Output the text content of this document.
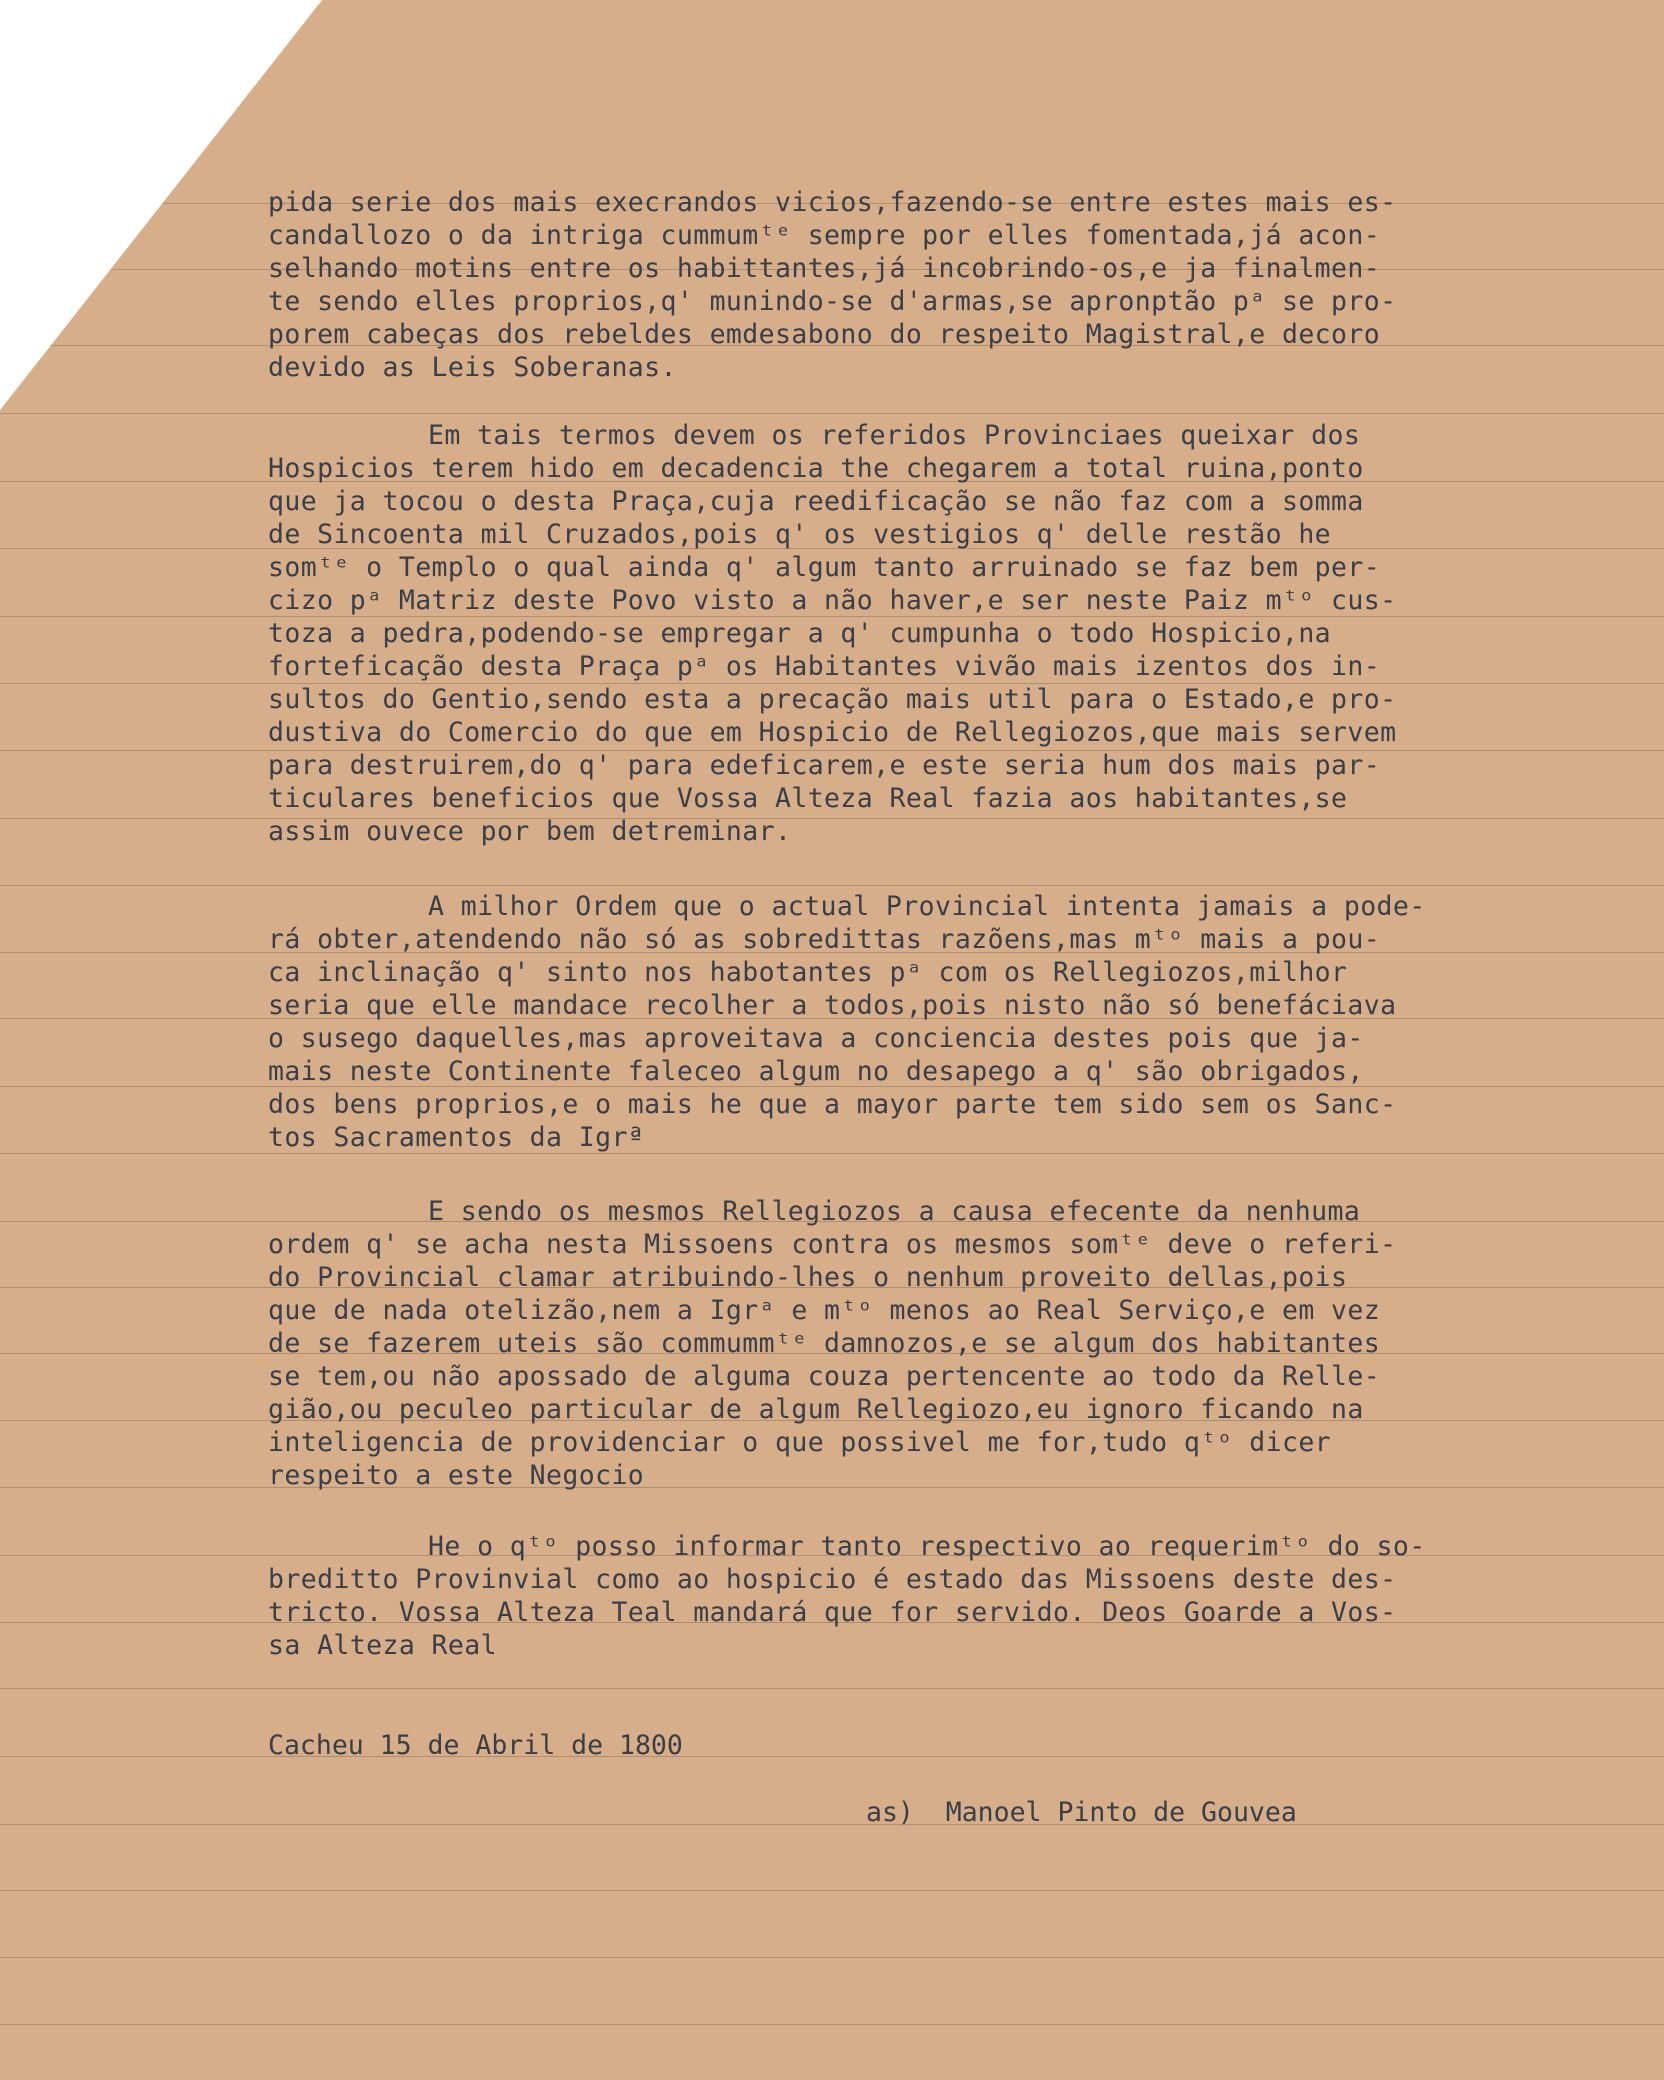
pida serie dos mais execrandos vicios,fazendo-se entre estes mais es-
candallozo o da intriga cummumᵗᵉ sempre por elles fomentada,já acon-
selhando motins entre os habittantes,já incobrindo-os,e ja finalmen-
te sendo elles proprios,q' munindo-se d'armas,se apronptão pᵃ se pro-
porem cabeças dos rebeldes emdesabono do respeito Magistral,e decoro
devido as Leis Soberanas.
Em tais termos devem os referidos Provinciaes queixar dos
Hospicios terem hido em decadencia the chegarem a total ruina,ponto
que ja tocou o desta Praça,cuja reedificação se não faz com a somma
de Sincoenta mil Cruzados,pois q' os vestigios q' delle restão he
somᵗᵉ o Templo o qual ainda q' algum tanto arruinado se faz bem per-
cizo pᵃ Matriz deste Povo visto a não haver,e ser neste Paiz mᵗᵒ cus-
toza a pedra,podendo-se empregar a q' cumpunha o todo Hospicio,na
forteficação desta Praça pᵃ os Habitantes vivão mais izentos dos in-
sultos do Gentio,sendo esta a precação mais util para o Estado,e pro-
dustiva do Comercio do que em Hospicio de Rellegiozos,que mais servem
para destruirem,do q' para edeficarem,e este seria hum dos mais par-
ticulares beneficios que Vossa Alteza Real fazia aos habitantes,se
assim ouvece por bem detreminar.
A milhor Ordem que o actual Provincial intenta jamais a pode-
rá obter,atendendo não só as sobredittas razõens,mas mᵗᵒ mais a pou-
ca inclinação q' sinto nos habotantes pᵃ com os Rellegiozos,milhor
seria que elle mandace recolher a todos,pois nisto não só benefáciava
o susego daquelles,mas aproveitava a conciencia destes pois que ja-
mais neste Continente faleceo algum no desapego a q' são obrigados,
dos bens proprios,e o mais he que a mayor parte tem sido sem os Sanc-
tos Sacramentos da Igrª
E sendo os mesmos Rellegiozos a causa efecente da nenhuma
ordem q' se acha nesta Missoens contra os mesmos somᵗᵉ deve o referi-
do Provincial clamar atribuindo-lhes o nenhum proveito dellas,pois
que de nada otelizão,nem a Igrᵃ e mᵗᵒ menos ao Real Serviço,e em vez
de se fazerem uteis são commummᵗᵉ damnozos,e se algum dos habitantes
se tem,ou não apossado de alguma couza pertencente ao todo da Relle-
gião,ou peculeo particular de algum Rellegiozo,eu ignoro ficando na
inteligencia de providenciar o que possivel me for,tudo qᵗᵒ dicer
respeito a este Negocio
He o qᵗᵒ posso informar tanto respectivo ao requerimᵗᵒ do so-
breditto Provinvial como ao hospicio é estado das Missoens deste des-
tricto. Vossa Alteza Teal mandará que for servido. Deos Goarde a Vos-
sa Alteza Real
Cacheu 15 de Abril de 1800
as)  Manoel Pinto de Gouvea
